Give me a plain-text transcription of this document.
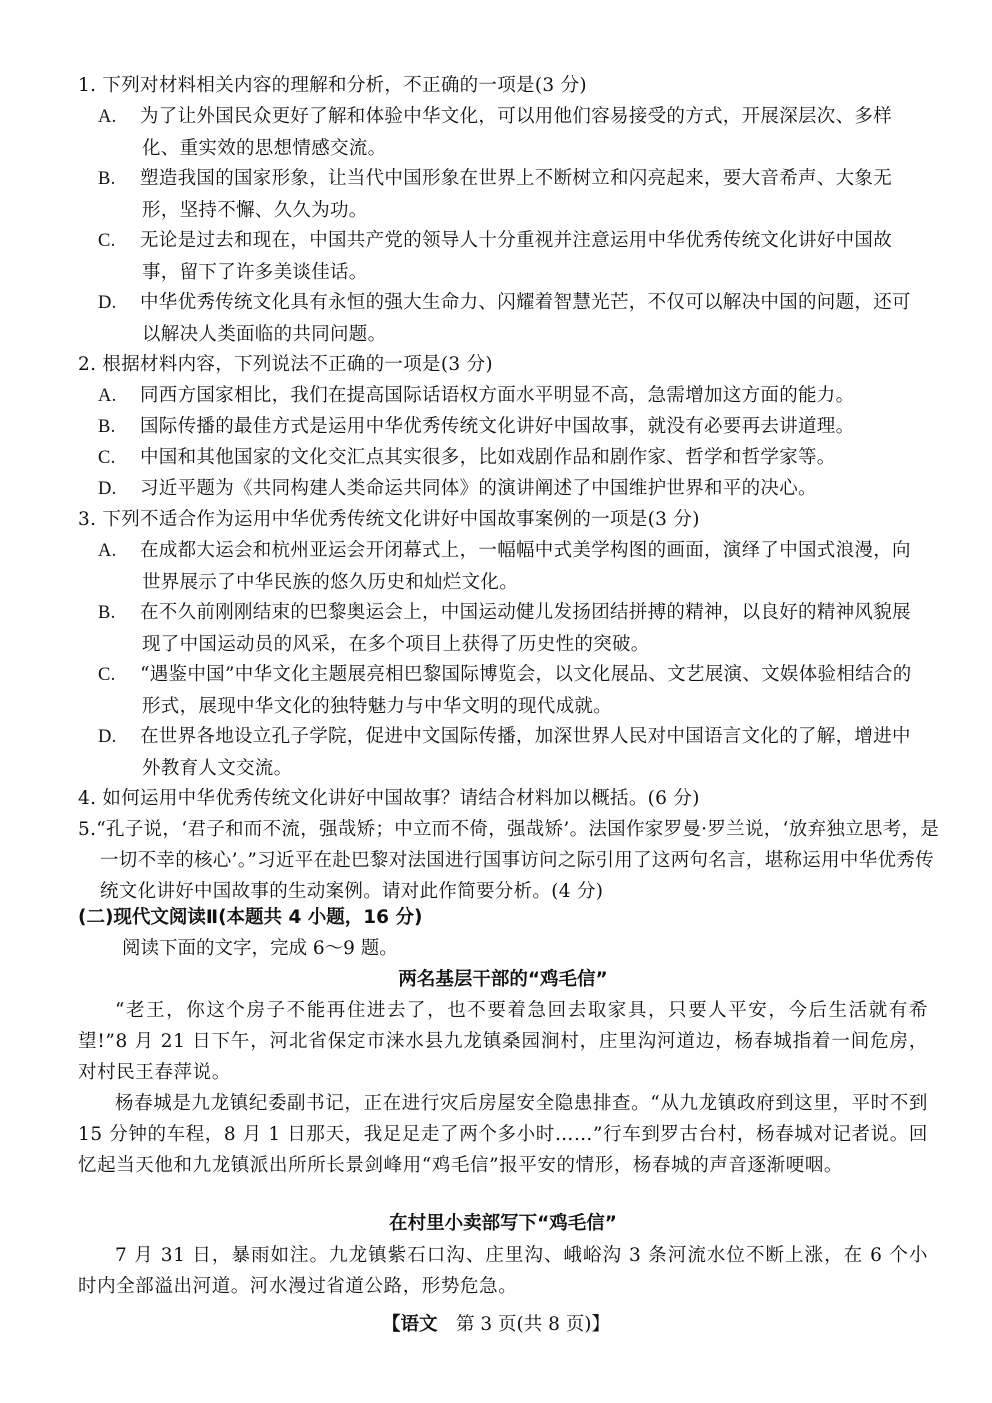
1. 下列对材料相关内容的理解和分析，不正确的一项是(3 分)
A. 为了让外国民众更好了解和体验中华文化，可以用他们容易接受的方式，开展深层次、多样化、重实效的思想情感交流。
B. 塑造我国的国家形象，让当代中国形象在世界上不断树立和闪亮起来，要大音希声、大象无形，坚持不懈、久久为功。
C. 无论是过去和现在，中国共产党的领导人十分重视并注意运用中华优秀传统文化讲好中国故事，留下了许多美谈佳话。
D. 中华优秀传统文化具有永恒的强大生命力、闪耀着智慧光芒，不仅可以解决中国的问题，还可以解决人类面临的共同问题。
2. 根据材料内容，下列说法不正确的一项是(3 分)
A. 同西方国家相比，我们在提高国际话语权方面水平明显不高，急需增加这方面的能力。
B. 国际传播的最佳方式是运用中华优秀传统文化讲好中国故事，就没有必要再去讲道理。
C. 中国和其他国家的文化交汇点其实很多，比如戏剧作品和剧作家、哲学和哲学家等。
D. 习近平题为《共同构建人类命运共同体》的演讲阐述了中国维护世界和平的决心。
3. 下列不适合作为运用中华优秀传统文化讲好中国故事案例的一项是(3 分)
A. 在成都大运会和杭州亚运会开闭幕式上，一幅幅中式美学构图的画面，演绎了中国式浪漫，向世界展示了中华民族的悠久历史和灿烂文化。
B. 在不久前刚刚结束的巴黎奥运会上，中国运动健儿发扬团结拼搏的精神，以良好的精神风貌展现了中国运动员的风采，在多个项目上获得了历史性的突破。
C. “遇鉴中国”中华文化主题展亮相巴黎国际博览会，以文化展品、文艺展演、文娱体验相结合的形式，展现中华文化的独特魅力与中华文明的现代成就。
D. 在世界各地设立孔子学院，促进中文国际传播，加深世界人民对中国语言文化的了解，增进中外教育人文交流。
4. 如何运用中华优秀传统文化讲好中国故事？请结合材料加以概括。(6 分)
5.“孔子说，‘君子和而不流，强哉矫；中立而不倚，强哉矫’。法国作家罗曼·罗兰说，‘放弃独立思考，是一切不幸的核心’。”习近平在赴巴黎对法国进行国事访问之际引用了这两句名言，堪称运用中华优秀传统文化讲好中国故事的生动案例。请对此作简要分析。(4 分)
(二)现代文阅读Ⅱ(本题共 4 小题，16 分)
阅读下面的文字，完成 6～9 题。
两名基层干部的“鸡毛信”
“老王，你这个房子不能再住进去了，也不要着急回去取家具，只要人平安，今后生活就有希望!”8 月 21 日下午，河北省保定市涞水县九龙镇桑园涧村，庄里沟河道边，杨春城指着一间危房，对村民王春萍说。
杨春城是九龙镇纪委副书记，正在进行灾后房屋安全隐患排查。“从九龙镇政府到这里，平时不到 15 分钟的车程，8 月 1 日那天，我足足走了两个多小时……”行车到罗古台村，杨春城对记者说。回忆起当天他和九龙镇派出所所长景剑峰用“鸡毛信”报平安的情形，杨春城的声音逐渐哽咽。
在村里小卖部写下“鸡毛信”
7 月 31 日，暴雨如注。九龙镇紫石口沟、庄里沟、峨峪沟 3 条河流水位不断上涨，在 6 个小时内全部溢出河道。河水漫过省道公路，形势危急。
【语文  第 3 页(共 8 页)】
